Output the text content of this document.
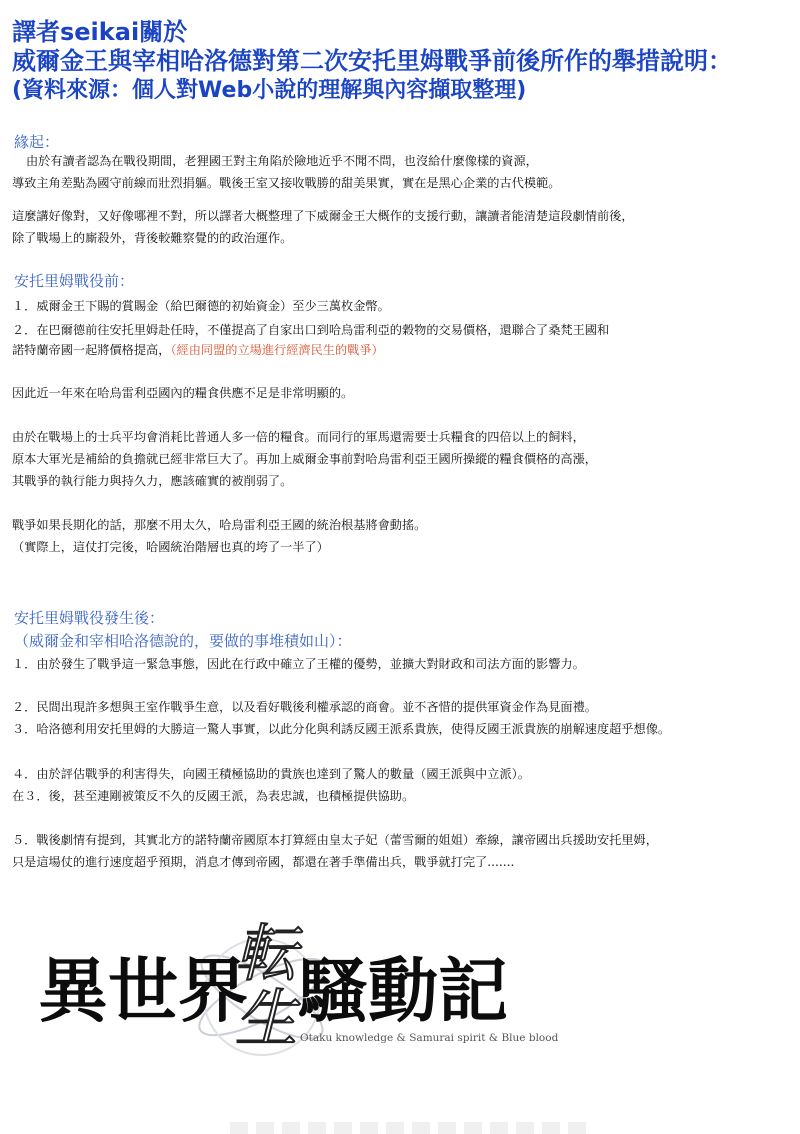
譯者seikai關於

威爾金王與宰相哈洛德對第二次安托里姆戰爭前後所作的舉措說明：

(資料來源：個人對Web小說的理解與內容擷取整理)

緣起：

由於有讀者認為在戰役期間，老狸國王對主角陷於險地近乎不聞不問，也沒給什麼像樣的資源，

導致主角差點為國守前線而壯烈捐軀。戰後王室又接收戰勝的甜美果實，實在是黑心企業的古代模範。

這麼講好像對，又好像哪裡不對，所以譯者大概整理了下威爾金王大概作的支援行動，讓讀者能清楚這段劇情前後，

除了戰場上的廝殺外，背後較難察覺的的政治運作。

安托里姆戰役前：

１．威爾金王下賜的賞賜金（給巴爾德的初始資金）至少三萬枚金幣。

２．在巴爾德前往安托里姆赴任時，不僅提高了自家出口到哈烏雷利亞的穀物的交易價格，還聯合了桑梵王國和

諾特蘭帝國一起將價格提高，（經由同盟的立場進行經濟民生的戰爭）

因此近一年來在哈烏雷利亞國內的糧食供應不足是非常明顯的。

由於在戰場上的士兵平均會消耗比普通人多一倍的糧食。而同行的軍馬還需要士兵糧食的四倍以上的飼料，

原本大軍光是補給的負擔就已經非常巨大了。再加上威爾金事前對哈烏雷利亞王國所操縱的糧食價格的高漲，

其戰爭的執行能力與持久力，應該確實的被削弱了。

戰爭如果長期化的話，那麼不用太久，哈烏雷利亞王國的統治根基將會動搖。

（實際上，這仗打完後，哈國統治階層也真的垮了一半了）

安托里姆戰役發生後：

（威爾金和宰相哈洛德說的，要做的事堆積如山）：

１．由於發生了戰爭這一緊急事態，因此在行政中確立了王權的優勢，並擴大對財政和司法方面的影響力。

２．民間出現許多想與王室作戰爭生意，以及看好戰後利權承認的商會。並不吝惜的提供軍資金作為見面禮。

３．哈洛德利用安托里姆的大勝這一驚人事實，以此分化與利誘反國王派系貴族，使得反國王派貴族的崩解速度超乎想像。

４．由於評估戰爭的利害得失，向國王積極協助的貴族也達到了驚人的數量（國王派與中立派）。

在３．後，甚至連剛被策反不久的反國王派，為表忠誠，也積極提供協助。

５．戰後劇情有提到，其實北方的諾特蘭帝國原本打算經由皇太子妃（蕾雪爾的姐姐）牽線，讓帝國出兵援助安托里姆，

只是這場仗的進行速度超乎預期，消息才傳到帝國，都還在著手準備出兵，戰爭就打完了.......

異世界
転
生 騷動記
Otaku knowledge & Samurai spirit & Blue blood
